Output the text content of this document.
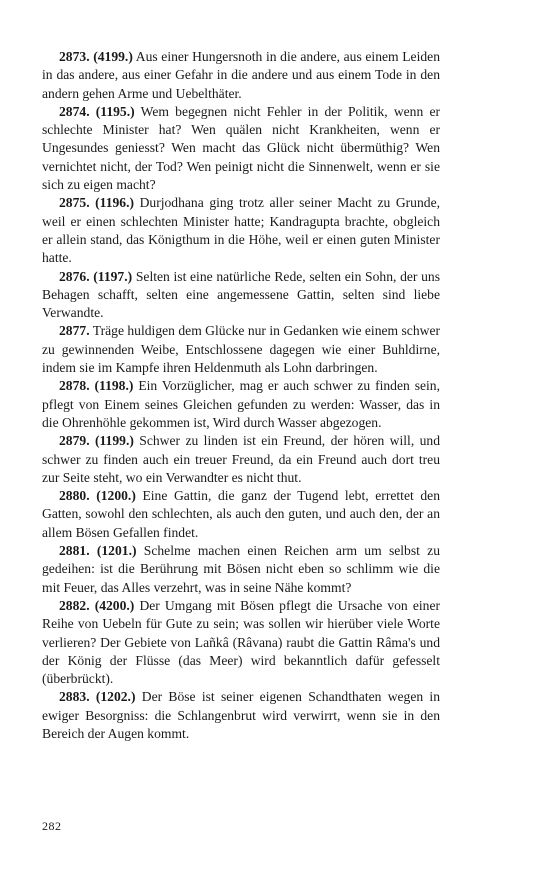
2873. (4199.) Aus einer Hungersnoth in die andere, aus einem Leiden in das andere, aus einer Gefahr in die andere und aus einem Tode in den andern gehen Arme und Uebelthäter.

2874. (1195.) Wem begegnen nicht Fehler in der Politik, wenn er schlechte Minister hat? Wen quälen nicht Krankheiten, wenn er Ungesundes geniesst? Wen macht das Glück nicht übermüthig? Wen vernichtet nicht, der Tod? Wen peinigt nicht die Sinnenwelt, wenn er sie sich zu eigen macht?

2875. (1196.) Durjodhana ging trotz aller seiner Macht zu Grunde, weil er einen schlechten Minister hatte; Kandragupta brachte, obgleich er allein stand, das Königthum in die Höhe, weil er einen guten Minister hatte.

2876. (1197.) Selten ist eine natürliche Rede, selten ein Sohn, der uns Behagen schafft, selten eine angemessene Gattin, selten sind liebe Verwandte.

2877. Träge huldigen dem Glücke nur in Gedanken wie einem schwer zu gewinnenden Weibe, Entschlossene dagegen wie einer Buhldirne, indem sie im Kampfe ihren Heldenmuth als Lohn darbringen.

2878. (1198.) Ein Vorzüglicher, mag er auch schwer zu finden sein, pflegt von Einem seines Gleichen gefunden zu werden: Wasser, das in die Ohrenhöhle gekommen ist, Wird durch Wasser abgezogen.

2879. (1199.) Schwer zu linden ist ein Freund, der hören will, und schwer zu finden auch ein treuer Freund, da ein Freund auch dort treu zur Seite steht, wo ein Verwandter es nicht thut.

2880. (1200.) Eine Gattin, die ganz der Tugend lebt, errettet den Gatten, sowohl den schlechten, als auch den guten, und auch den, der an allem Bösen Gefallen findet.

2881. (1201.) Schelme machen einen Reichen arm um selbst zu gedeihen: ist die Berührung mit Bösen nicht eben so schlimm wie die mit Feuer, das Alles verzehrt, was in seine Nähe kommt?

2882. (4200.) Der Umgang mit Bösen pflegt die Ursache von einer Reihe von Uebeln für Gute zu sein; was sollen wir hierüber viele Worte verlieren? Der Gebiete von Lañkâ (Râvana) raubt die Gattin Râma's und der König der Flüsse (das Meer) wird bekanntlich dafür gefesselt (überbrückt).

2883. (1202.) Der Böse ist seiner eigenen Schandthaten wegen in ewiger Besorgniss: die Schlangenbrut wird verwirrt, wenn sie in den Bereich der Augen kommt.

282
